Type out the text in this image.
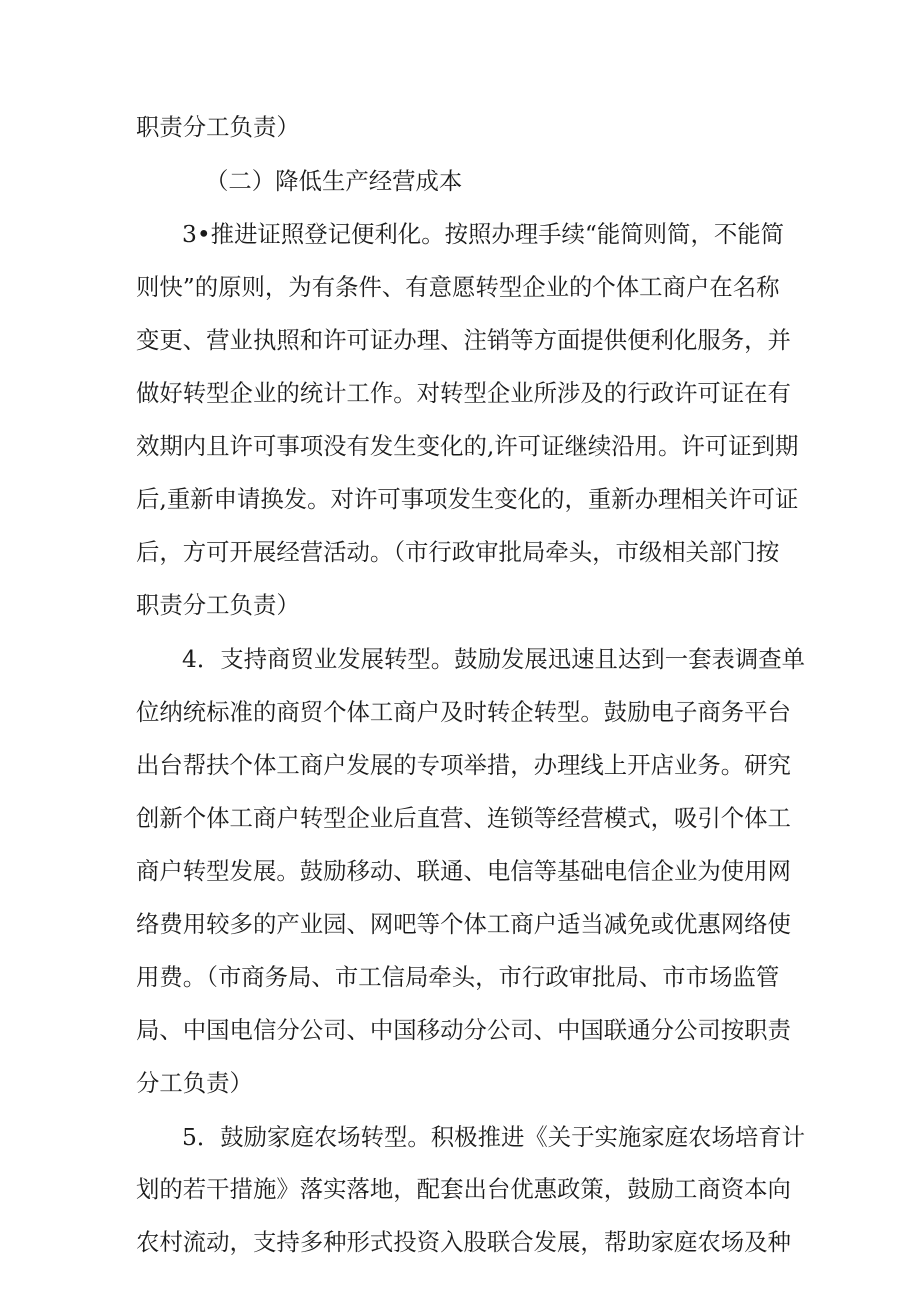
职责分工负责）
（二）降低生产经营成本
3•推进证照登记便利化。按照办理手续“能简则简，不能简
则快”的原则，为有条件、有意愿转型企业的个体工商户在名称
变更、营业执照和许可证办理、注销等方面提供便利化服务，并
做好转型企业的统计工作。对转型企业所涉及的行政许可证在有
效期内且许可事项没有发生变化的,许可证继续沿用。许可证到期
后,重新申请换发。对许可事项发生变化的，重新办理相关许可证
后，方可开展经营活动。（市行政审批局牵头，市级相关部门按
职责分工负责）
4．支持商贸业发展转型。鼓励发展迅速且达到一套表调查单
位纳统标准的商贸个体工商户及时转企转型。鼓励电子商务平台
出台帮扶个体工商户发展的专项举措，办理线上开店业务。研究
创新个体工商户转型企业后直营、连锁等经营模式，吸引个体工
商户转型发展。鼓励移动、联通、电信等基础电信企业为使用网
络费用较多的产业园、网吧等个体工商户适当减免或优惠网络使
用费。（市商务局、市工信局牵头，市行政审批局、市市场监管
局、中国电信分公司、中国移动分公司、中国联通分公司按职责
分工负责）
5．鼓励家庭农场转型。积极推进《关于实施家庭农场培育计
划的若干措施》落实落地，配套出台优惠政策，鼓励工商资本向
农村流动，支持多种形式投资入股联合发展，帮助家庭农场及种
